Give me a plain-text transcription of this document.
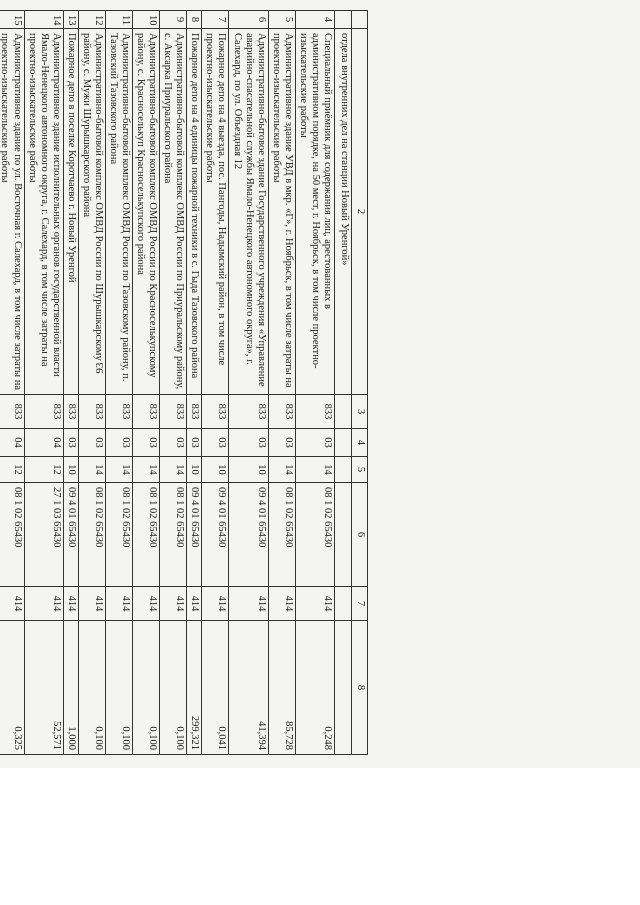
93
	2	3	4	5	6	7	8
	отдела внутренних дел на станции Новый Уренгой»						
4	Специальный приёмник для содержания лиц, арестованных в административном порядке, на 50 мест, г. Ноябрьск, в том числе проектно-изыскательские работы	833	03	14	08 1 02 65430	414	0,248
5	Административное здание УВД в мкр. «Г», г. Ноябрьск, в том числе затраты на проектно-изыскательские работы	833	03	14	08 1 02 65430	414	85,728
6	Административно-бытовое здание Государственного учреждения «Управление аварийно-спасательной службы Ямало-Ненецкого автономного округа», г. Салехард, по ул. Объездная 12	833	03	10	09 4 01 65430	414	41,394
7	Пожарное депо на 4 выезда, пос. Пангоды, Надымский район, в том числе проектно-изыскательские работы	833	03	10	09 4 01 65430	414	0,041
8	Пожарное депо на 4 единицы пожарной техники в с. Гыда Тазовского района	833	03	10	09 4 01 65430	414	299,321
9	Административно-бытовой комплекс ОМВД России по Приуральскому району, с. Аксарка Приуральского района	833	03	14	08 1 02 65430	414	0,100
10	Административно-бытовой комплекс ОМВД России по Красноселькупскому району, с. Красноселькуп Красноселькупского района	833	03	14	08 1 02 65430	414	0,100
11	Административно-бытовой комплекс ОМВД России по Тазовскому району, п. Тазовский Тазовского района	833	03	14	08 1 02 65430	414	0,100
12	Административно-бытовой комплекс ОМВД России по Шурышкарскому району, с. Мужи Шурышкарского района	833	03	14	08 1 02 65430	414	0,100
13	Пожарное депо в поселке Коротчаево г. Новый Уренгой	833	03	10	09 4 01 65430	414	1,000
14	Административное здание исполнительных органов государственной власти Ямало-Ненецкого автономного округа, г. Салехард, в том числе затраты на проектно-изыскательские работы	833	04	12	27 1 03 65430	414	52,571
15	Административное здание по ул. Восточная г. Салехард, в том числе затраты на проектно-изыскательские работы	833	04	12	08 1 02 65430	414	0,325
